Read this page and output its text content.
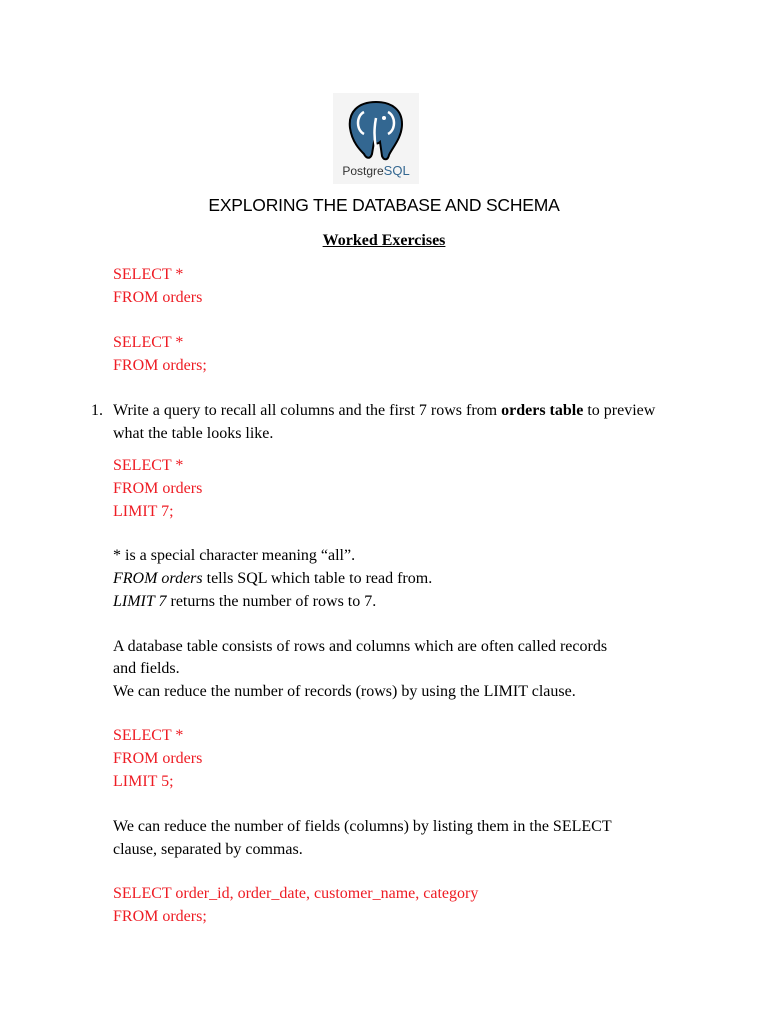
PostgreSQL
EXPLORING THE DATABASE AND SCHEMA
Worked Exercises
SELECT *
FROM orders
SELECT *
FROM orders;
1. Write a query to recall all columns and the first 7 rows from orders table to preview what the table looks like.
SELECT *
FROM orders
LIMIT 7;
* is a special character meaning “all”.
FROM orders tells SQL which table to read from.
LIMIT 7 returns the number of rows to 7.
A database table consists of rows and columns which are often called records
and fields.
We can reduce the number of records (rows) by using the LIMIT clause.
SELECT *
FROM orders
LIMIT 5;
We can reduce the number of fields (columns) by listing them in the SELECT
clause, separated by commas.
SELECT order_id, order_date, customer_name, category
FROM orders;
